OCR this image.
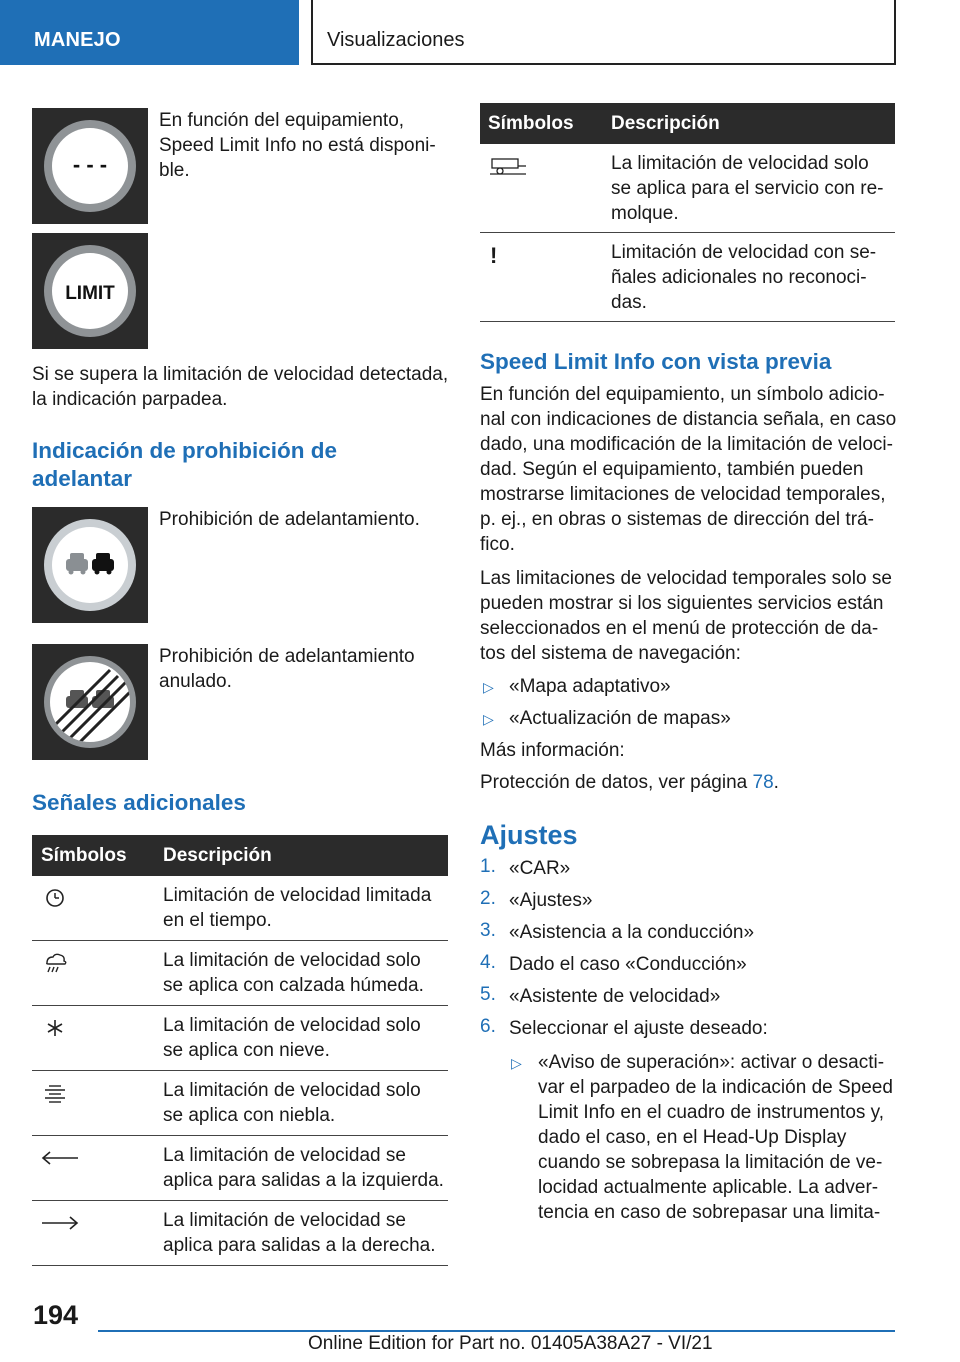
MANEJO	Visualizaciones
- - -
En función del equipamiento, Speed Limit Info no está disponi-ble.
LIMIT
Si se supera la limitación de velocidad detectada, la indicación parpadea.
Indicación de prohibición de
adelantar
Prohibición de adelantamiento.
Prohibición de adelantamiento
anulado.
Señales adicionales
Símbolos Descripción
Limitación de velocidad limitada
en el tiempo.
La limitación de velocidad solo
se aplica con calzada húmeda.
La limitación de velocidad solo
se aplica con nieve.
La limitación de velocidad solo
se aplica con niebla.
La limitación de velocidad se
aplica para salidas a la izquierda.
La limitación de velocidad se
aplica para salidas a la derecha.
Símbolos Descripción
La limitación de velocidad solo
se aplica para el servicio con re-
molque.
!	Limitación de velocidad con se-
ñales adicionales no reconoci-
das.
Speed Limit Info con vista previa
En función del equipamiento, un símbolo adicio-
nal con indicaciones de distancia señala, en caso
dado, una modificación de la limitación de veloci-
dad. Según el equipamiento, también pueden
mostrarse limitaciones de velocidad temporales,
p. ej., en obras o sistemas de dirección del trá-
fico.
Las limitaciones de velocidad temporales solo se
pueden mostrar si los siguientes servicios están
seleccionados en el menú de protección de da-
tos del sistema de navegación:
▷ «Mapa adaptativo»
▷ «Actualización de mapas»
Más información:
Protección de datos, ver página 78.
Ajustes
1. «CAR»
2. «Ajustes»
3. «Asistencia a la conducción»
4. Dado el caso «Conducción»
5. «Asistente de velocidad»
6. Seleccionar el ajuste deseado:
▷ «Aviso de superación»: activar o desacti-
var el parpadeo de la indicación de Speed
Limit Info en el cuadro de instrumentos y,
dado el caso, en el Head-Up Display
cuando se sobrepasa la limitación de ve-
locidad actualmente aplicable. La adver-
tencia en caso de sobrepasar una limita-
194
Online Edition for Part no. 01405A38A27 - VI/21
